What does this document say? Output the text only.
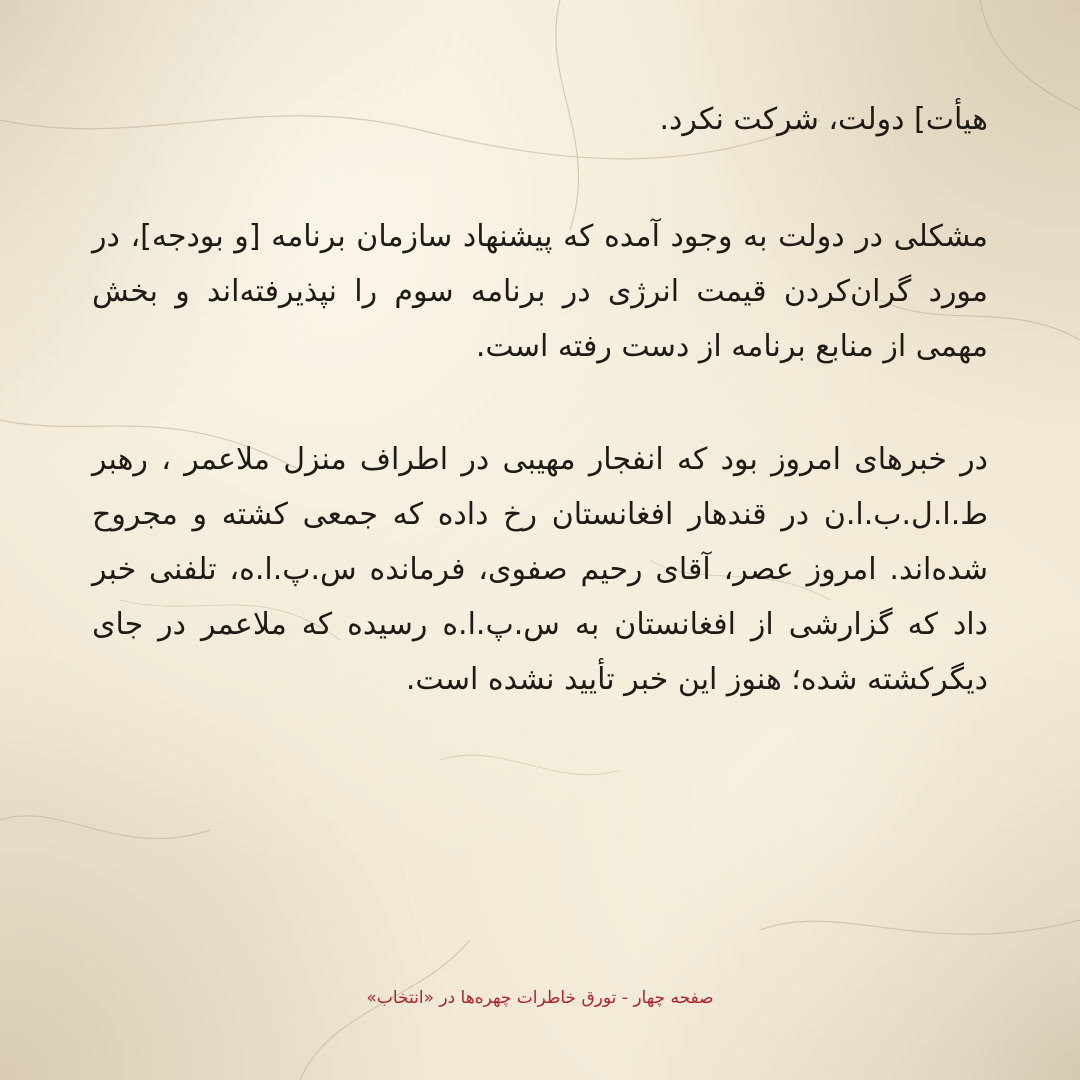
هیأت] دولت، شرکت نکرد.

مشکلی در دولت به وجود آمده که پیشنهاد سازمان برنامه [و بودجه]، در مورد گران‌کردن قیمت انرژی در برنامه سوم را نپذیرفته‌اند و بخش مهمی از منابع برنامه از دست رفته است.

در خبرهای امروز بود که انفجار مهیبی در اطراف منزل ملاعمر ، رهبر ط.ا.ل.ب.ا.ن در قندهار افغانستان رخ داده که جمعی کشته و مجروح شده‌اند. امروز عصر، آقای رحیم صفوی، فرمانده س.پ.ا.ه، تلفنی خبر داد که گزارشی از افغانستان به س.پ.ا.ه رسیده که ملاعمر در جای دیگرکشته شده؛ هنوز این خبر تأیید نشده است.

صفحه چهار - تورق خاطرات چهره‌ها در «انتخاب»
